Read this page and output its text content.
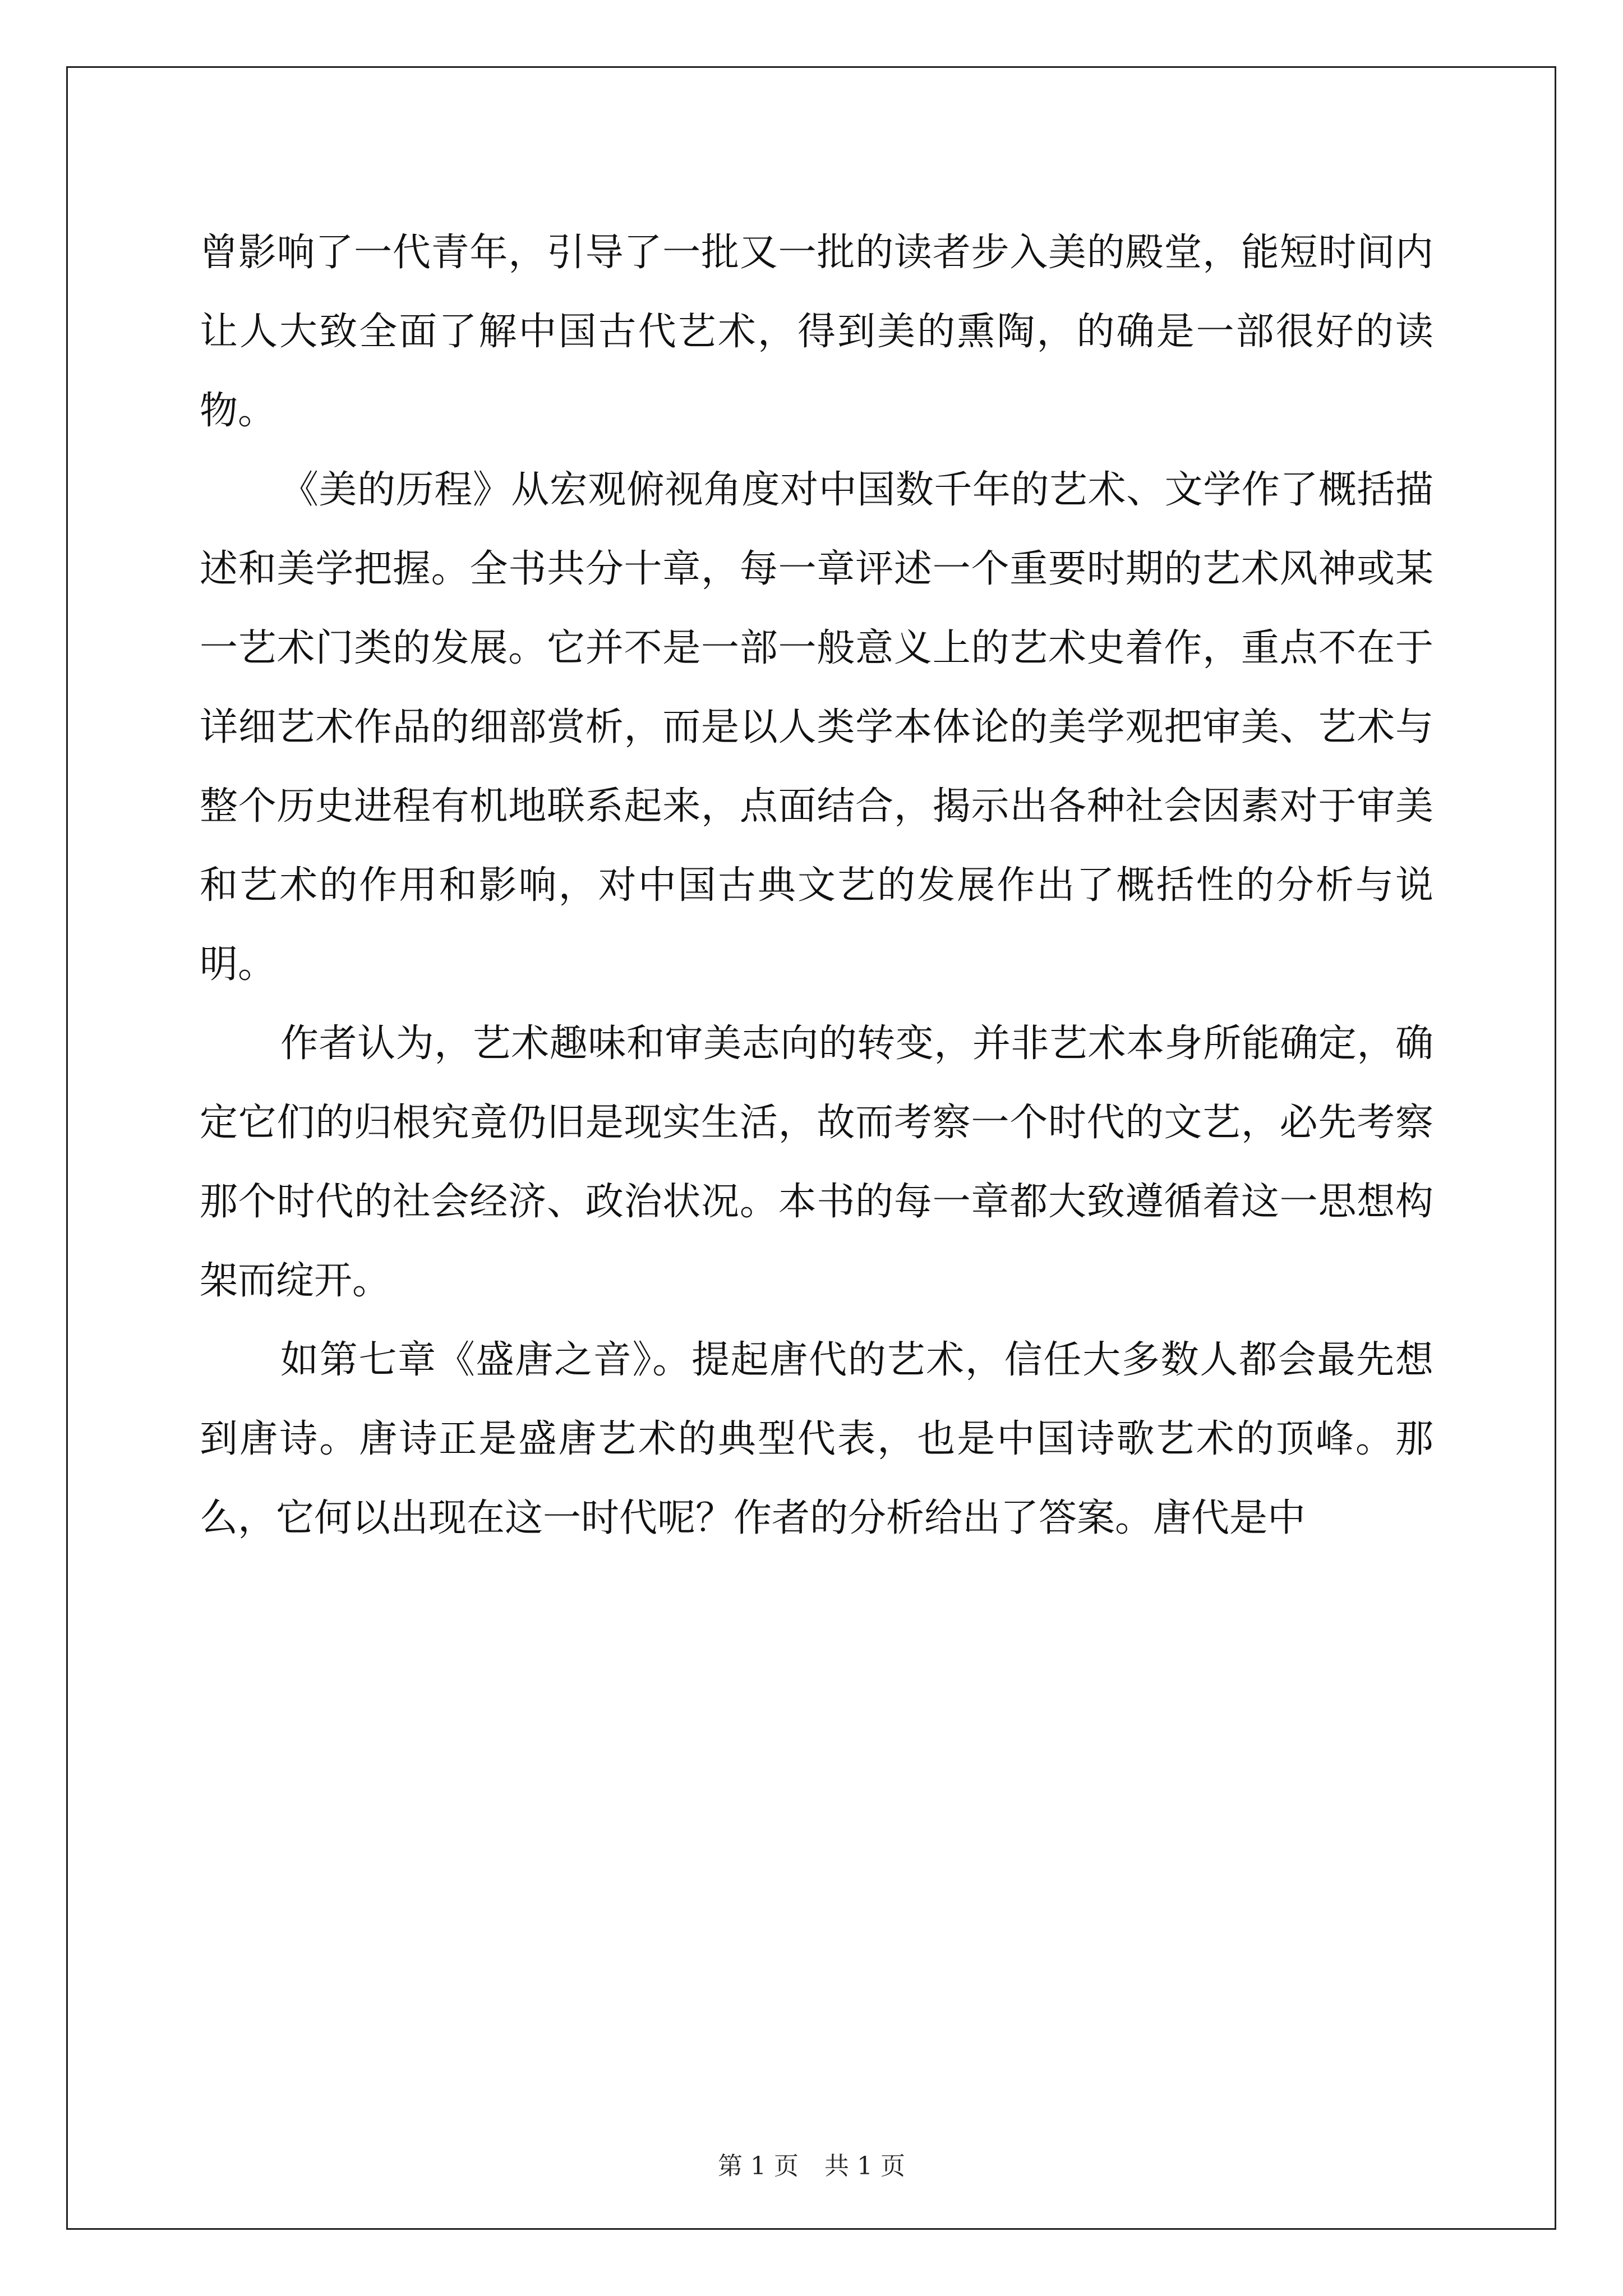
曾影响了一代青年，引导了一批又一批的读者步入美的殿堂，能短时间内让人大致全面了解中国古代艺术，得到美的熏陶，的确是一部很好的读物。

《美的历程》从宏观俯视角度对中国数千年的艺术、文学作了概括描述和美学把握。全书共分十章，每一章评述一个重要时期的艺术风神或某一艺术门类的发展。它并不是一部一般意义上的艺术史着作，重点不在于详细艺术作品的细部赏析，而是以人类学本体论的美学观把审美、艺术与整个历史进程有机地联系起来，点面结合，揭示出各种社会因素对于审美和艺术的作用和影响，对中国古典文艺的发展作出了概括性的分析与说明。

作者认为，艺术趣味和审美志向的转变，并非艺术本身所能确定，确定它们的归根究竟仍旧是现实生活，故而考察一个时代的文艺，必先考察那个时代的社会经济、政治状况。本书的每一章都大致遵循着这一思想构架而绽开。

如第七章《盛唐之音》。提起唐代的艺术，信任大多数人都会最先想到唐诗。唐诗正是盛唐艺术的典型代表，也是中国诗歌艺术的顶峰。那么，它何以出现在这一时代呢？作者的分析给出了答案。唐代是中

第 1 页 共 1 页
